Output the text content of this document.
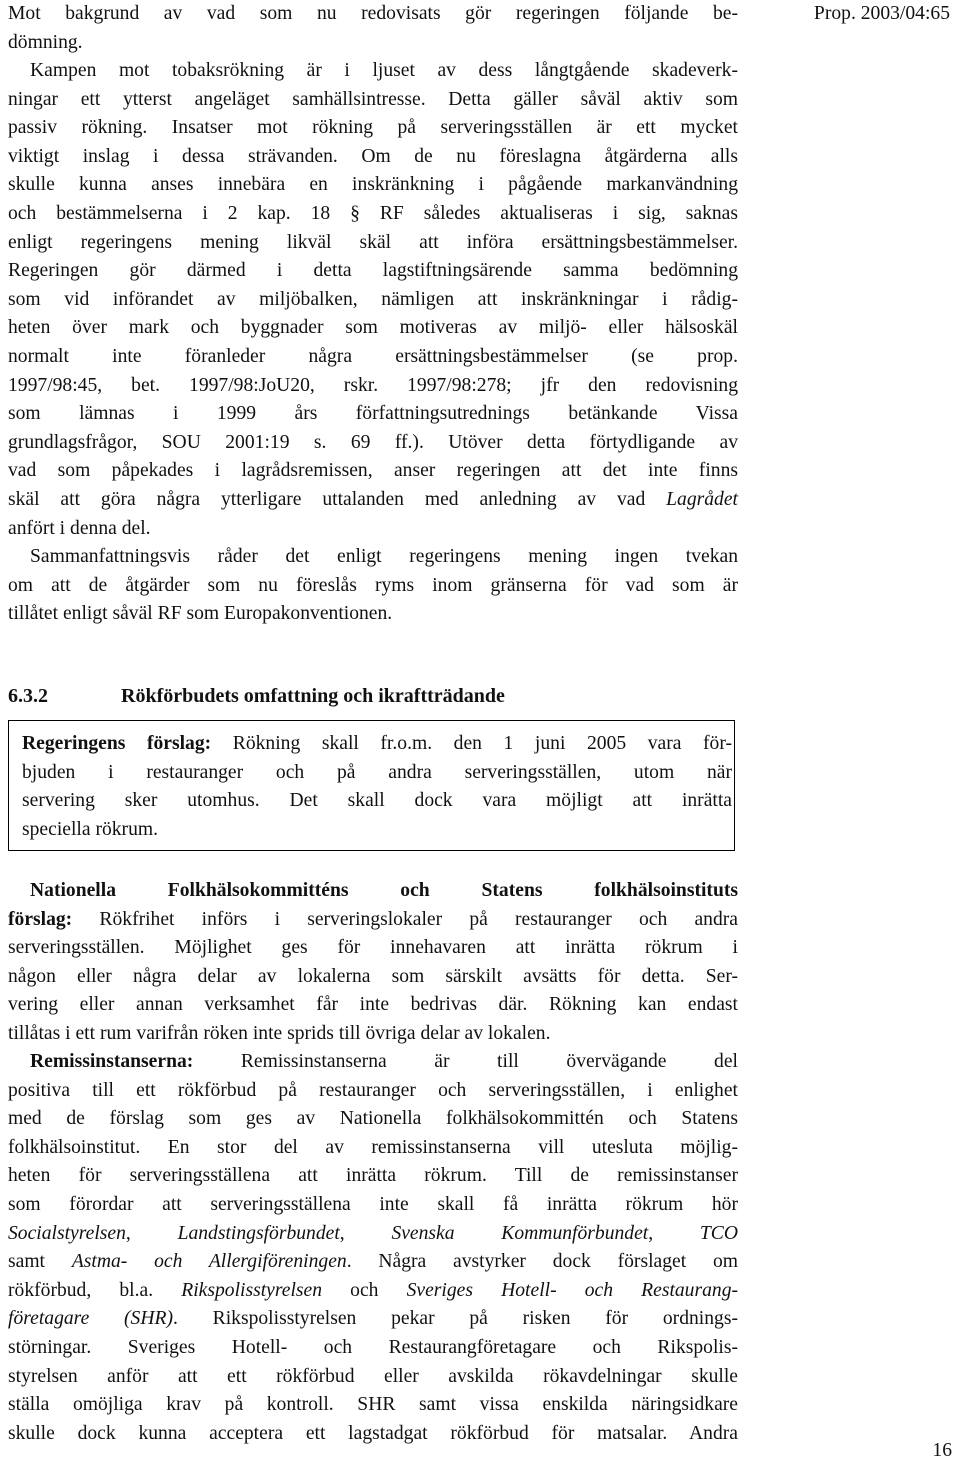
Prop. 2003/04:65
Mot bakgrund av vad som nu redovisats gör regeringen följande be-
dömning.
Kampen mot tobaksrökning är i ljuset av dess långtgående skadeverk-
ningar ett ytterst angeläget samhällsintresse. Detta gäller såväl aktiv som
passiv rökning. Insatser mot rökning på serveringsställen är ett mycket
viktigt inslag i dessa strävanden. Om de nu föreslagna åtgärderna alls
skulle kunna anses innebära en inskränkning i pågående markanvändning
och bestämmelserna i 2 kap. 18 § RF således aktualiseras i sig, saknas
enligt regeringens mening likväl skäl att införa ersättningsbestämmelser.
Regeringen gör därmed i detta lagstiftningsärende samma bedömning
som vid införandet av miljöbalken, nämligen att inskränkningar i rådig-
heten över mark och byggnader som motiveras av miljö- eller hälsoskäl
normalt inte föranleder några ersättningsbestämmelser (se prop.
1997/98:45, bet. 1997/98:JoU20, rskr. 1997/98:278; jfr den redovisning
som lämnas i 1999 års författningsutrednings betänkande Vissa
grundlagsfrågor, SOU 2001:19 s. 69 ff.). Utöver detta förtydligande av
vad som påpekades i lagrådsremissen, anser regeringen att det inte finns
skäl att göra några ytterligare uttalanden med anledning av vad Lagrådet
anfört i denna del.
Sammanfattningsvis råder det enligt regeringens mening ingen tvekan
om att de åtgärder som nu föreslås ryms inom gränserna för vad som är
tillåtet enligt såväl RF som Europakonventionen.
6.3.2	Rökförbudets omfattning och ikraftträdande
Regeringens förslag: Rökning skall fr.o.m. den 1 juni 2005 vara för-
bjuden i restauranger och på andra serveringsställen, utom när
servering sker utomhus. Det skall dock vara möjligt att inrätta
speciella rökrum.
Nationella Folkhälsokommitténs och Statens folkhälsoinstituts
förslag: Rökfrihet införs i serveringslokaler på restauranger och andra
serveringsställen. Möjlighet ges för innehavaren att inrätta rökrum i
någon eller några delar av lokalerna som särskilt avsätts för detta. Ser-
vering eller annan verksamhet får inte bedrivas där. Rökning kan endast
tillåtas i ett rum varifrån röken inte sprids till övriga delar av lokalen.
Remissinstanserna: Remissinstanserna är till övervägande del
positiva till ett rökförbud på restauranger och serveringsställen, i enlighet
med de förslag som ges av Nationella folkhälsokommittén och Statens
folkhälsoinstitut. En stor del av remissinstanserna vill utesluta möjlig-
heten för serveringsställena att inrätta rökrum. Till de remissinstanser
som förordar att serveringsställena inte skall få inrätta rökrum hör
Socialstyrelsen, Landstingsförbundet, Svenska Kommunförbundet, TCO
samt Astma- och Allergiföreningen. Några avstyrker dock förslaget om
rökförbud, bl.a. Rikspolisstyrelsen och Sveriges Hotell- och Restaurang-
företagare (SHR). Rikspolisstyrelsen pekar på risken för ordnings-
störningar. Sveriges Hotell- och Restaurangföretagare och Rikspolis-
styrelsen anför att ett rökförbud eller avskilda rökavdelningar skulle
ställa omöjliga krav på kontroll. SHR samt vissa enskilda näringsidkare
skulle dock kunna acceptera ett lagstadgat rökförbud för matsalar. Andra
16
